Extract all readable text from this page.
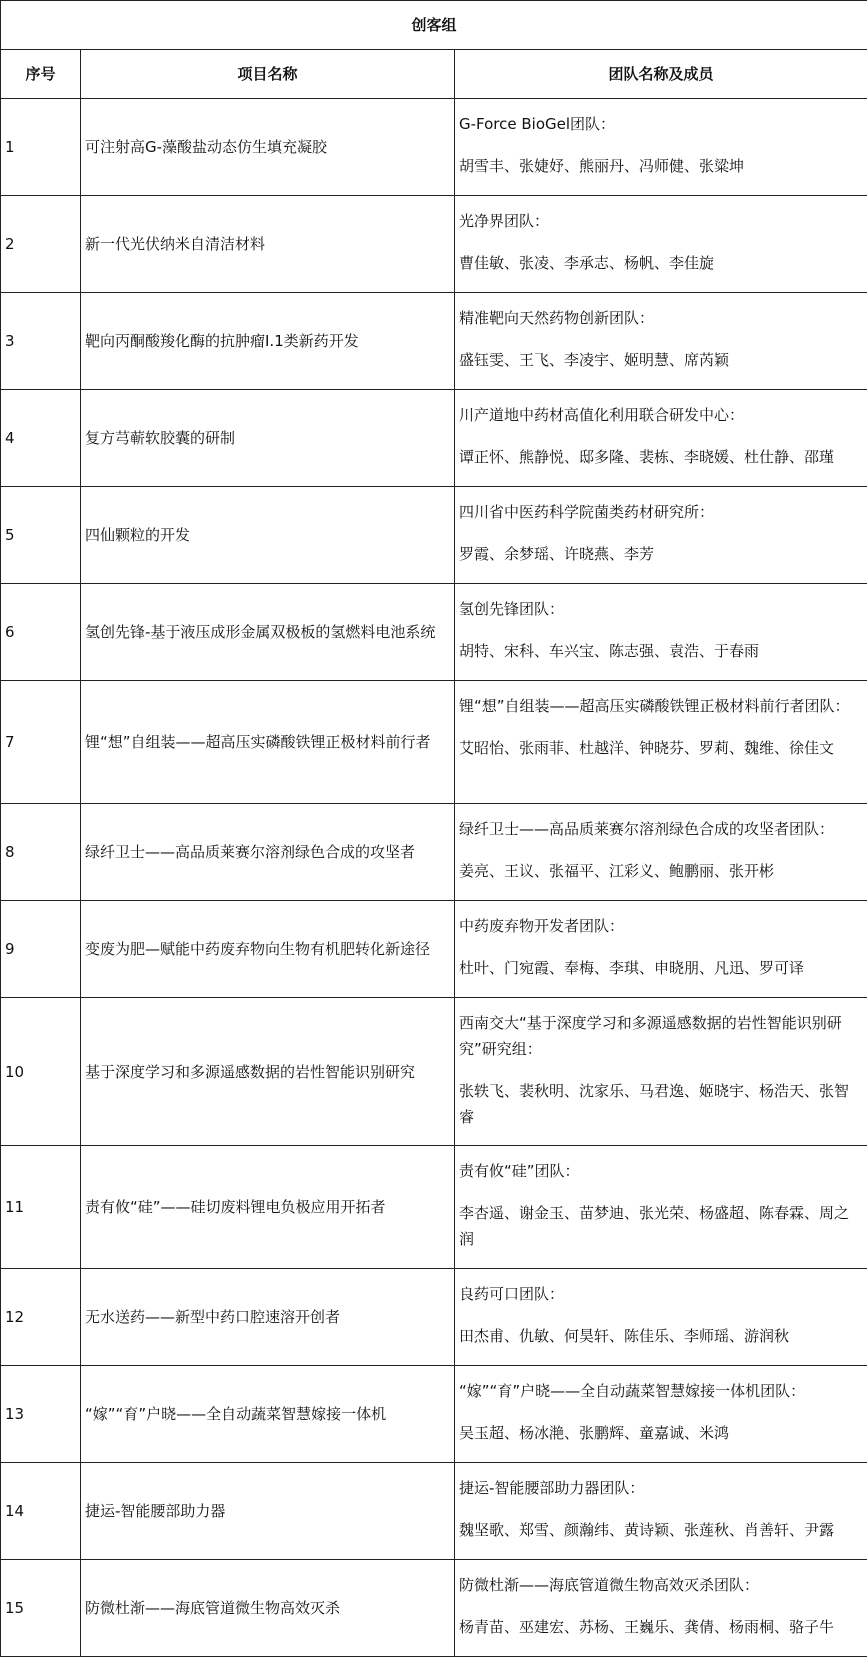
创客组		
序号	项目名称	团队名称及成员
1	可注射高G-藻酸盐动态仿生填充凝胶	G-Force BioGel团队：
胡雪丰、张婕妤、熊丽丹、冯师健、张粱坤

2	新一代光伏纳米自清洁材料	光净界团队：
曹佳敏、张凌、李承志、杨帆、李佳旋

3	靶向丙酮酸羧化酶的抗肿瘤I.1类新药开发	精准靶向天然药物创新团队：
盛钰雯、王飞、李凌宇、姬明慧、席芮颖

4	复方芎蕲软胶囊的研制	川产道地中药材高值化利用联合研发中心：
谭正怀、熊静悦、邸多隆、裴栋、李晓媛、杜仕静、邵瑾

5	四仙颗粒的开发	四川省中医药科学院菌类药材研究所：
罗霞、余梦瑶、许晓燕、李芳

6	氢创先锋-基于液压成形金属双极板的氢燃料电池系统	氢创先锋团队：
胡特、宋科、车兴宝、陈志强、袁浩、于春雨

7	锂“想”自组装——超高压实磷酸铁锂正极材料前行者	锂“想”自组装——超高压实磷酸铁锂正极材料前行者团队：
艾昭怡、张雨菲、杜越洋、钟晓芬、罗莉、魏维、徐佳文

8	绿纤卫士——高品质莱赛尔溶剂绿色合成的攻坚者	绿纤卫士——高品质莱赛尔溶剂绿色合成的攻坚者团队：
姜亮、王议、张福平、江彩义、鲍鹏丽、张开彬

9	变废为肥—赋能中药废弃物向生物有机肥转化新途径	中药废弃物开发者团队：
杜叶、门宛霞、奉梅、李琪、申晓朋、凡迅、罗可译

10	基于深度学习和多源遥感数据的岩性智能识别研究	西南交大“基于深度学习和多源遥感数据的岩性智能识别研究”研究组：
张轶飞、裴秋明、沈家乐、马君逸、姬晓宇、杨浩天、张智睿

11	责有攸“硅”——硅切废料锂电负极应用开拓者	责有攸“硅”团队：
李杏遥、谢金玉、苗梦迪、张光荣、杨盛超、陈春霖、周之润

12	无水送药——新型中药口腔速溶开创者	良药可口团队：
田杰甫、仇敏、何昊轩、陈佳乐、李师瑶、游润秋

13	“嫁”“育”户晓——全自动蔬菜智慧嫁接一体机	“嫁”“育”户晓——全自动蔬菜智慧嫁接一体机团队：
吴玉超、杨冰滟、张鹏辉、童嘉诚、米鸿

14	捷运-智能腰部助力器	捷运-智能腰部助力器团队：
魏坚歌、郑雪、颜瀚纬、黄诗颖、张莲秋、肖善轩、尹露

15	防微杜渐——海底管道微生物高效灭杀	防微杜渐——海底管道微生物高效灭杀团队：
杨青苗、巫建宏、苏杨、王巍乐、龚倩、杨雨桐、骆子牛
